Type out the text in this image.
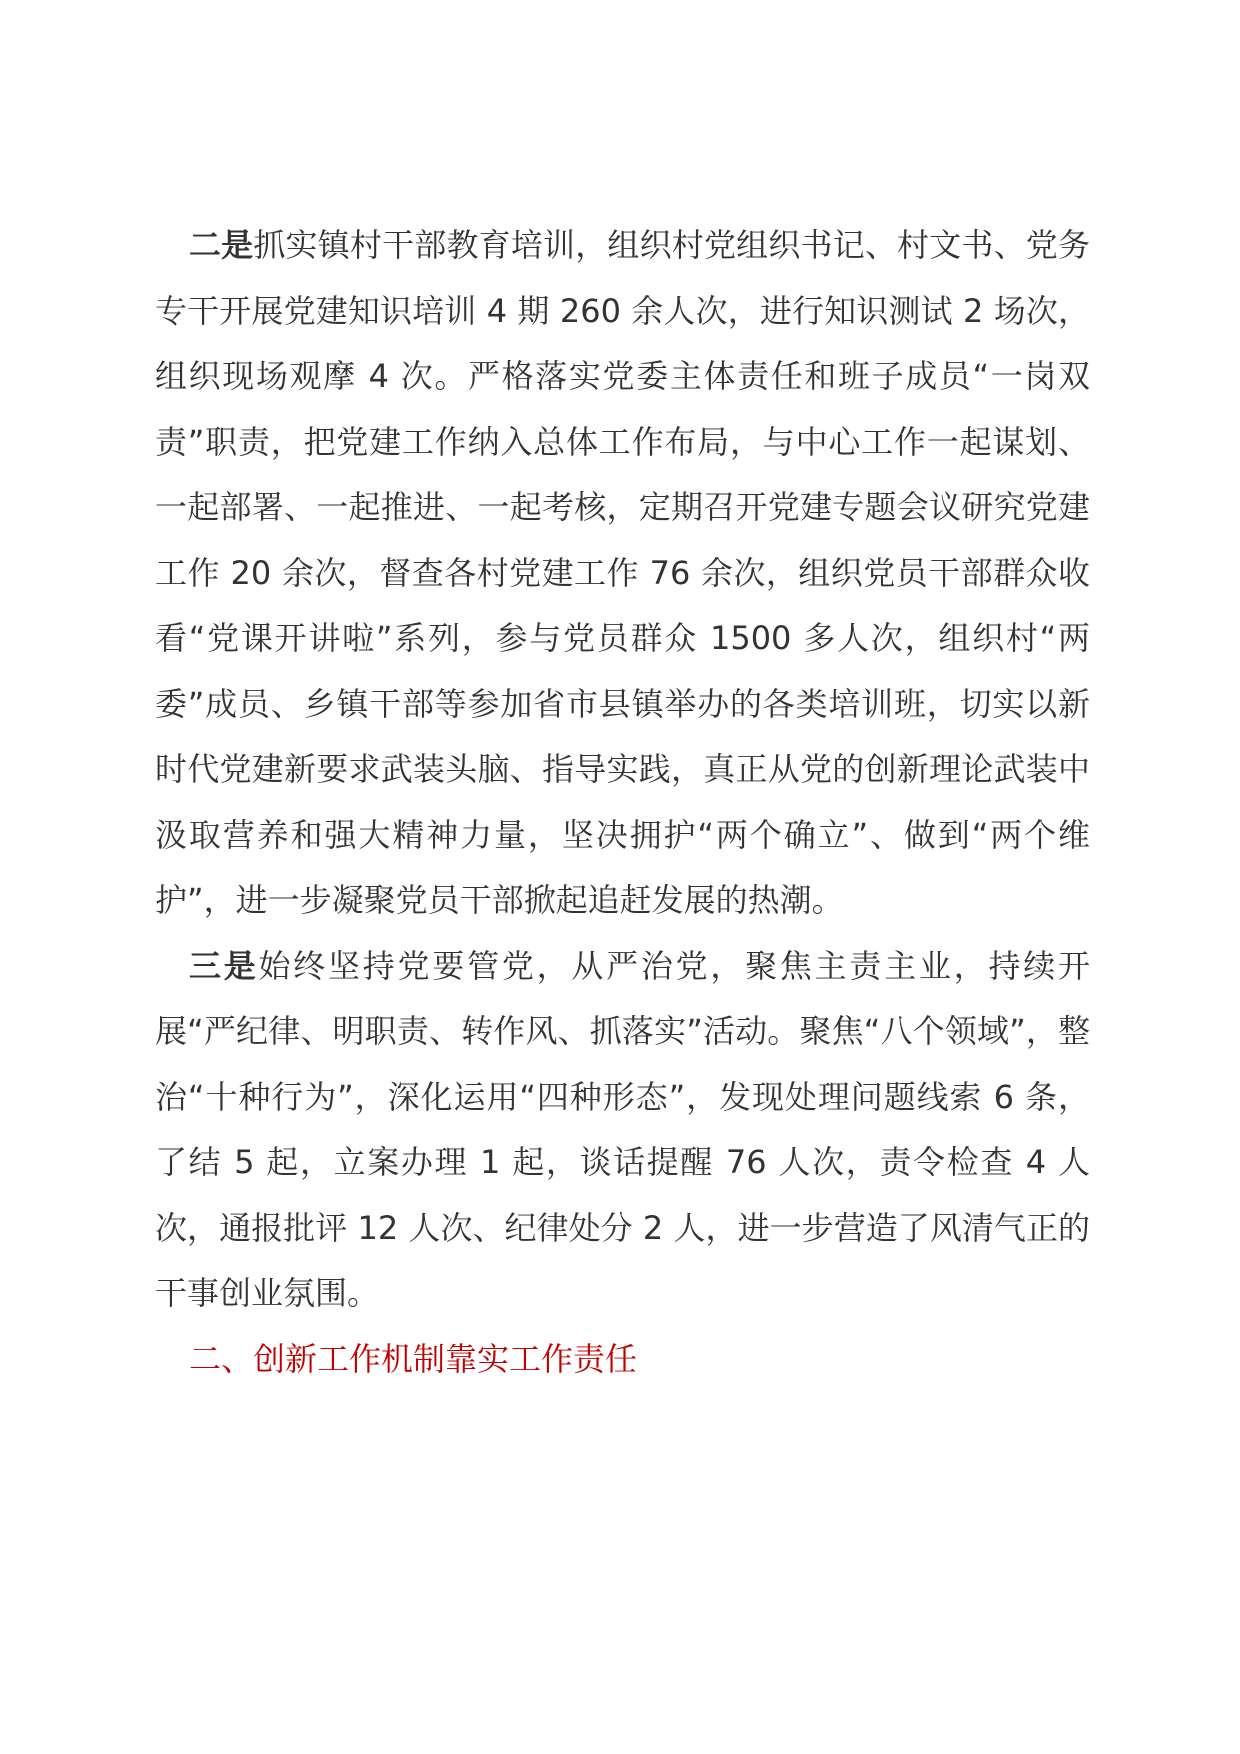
二是抓实镇村干部教育培训，组织村党组织书记、村文书、党务专干开展党建知识培训 4 期 260 余人次，进行知识测试 2 场次，组织现场观摩 4 次。严格落实党委主体责任和班子成员“一岗双责”职责，把党建工作纳入总体工作布局，与中心工作一起谋划、一起部署、一起推进、一起考核，定期召开党建专题会议研究党建工作 20 余次，督查各村党建工作 76 余次，组织党员干部群众收看“党课开讲啦”系列，参与党员群众 1500 多人次，组织村“两委”成员、乡镇干部等参加省市县镇举办的各类培训班，切实以新时代党建新要求武装头脑、指导实践，真正从党的创新理论武装中汲取营养和强大精神力量，坚决拥护“两个确立”、做到“两个维护”，进一步凝聚党员干部掀起追赶发展的热潮。

三是始终坚持党要管党，从严治党，聚焦主责主业，持续开展“严纪律、明职责、转作风、抓落实”活动。聚焦“八个领域”，整治“十种行为”，深化运用“四种形态”，发现处理问题线索 6 条，了结 5 起，立案办理 1 起，谈话提醒 76 人次，责令检查 4 人次，通报批评 12 人次、纪律处分 2 人，进一步营造了风清气正的干事创业氛围。

二、创新工作机制靠实工作责任
